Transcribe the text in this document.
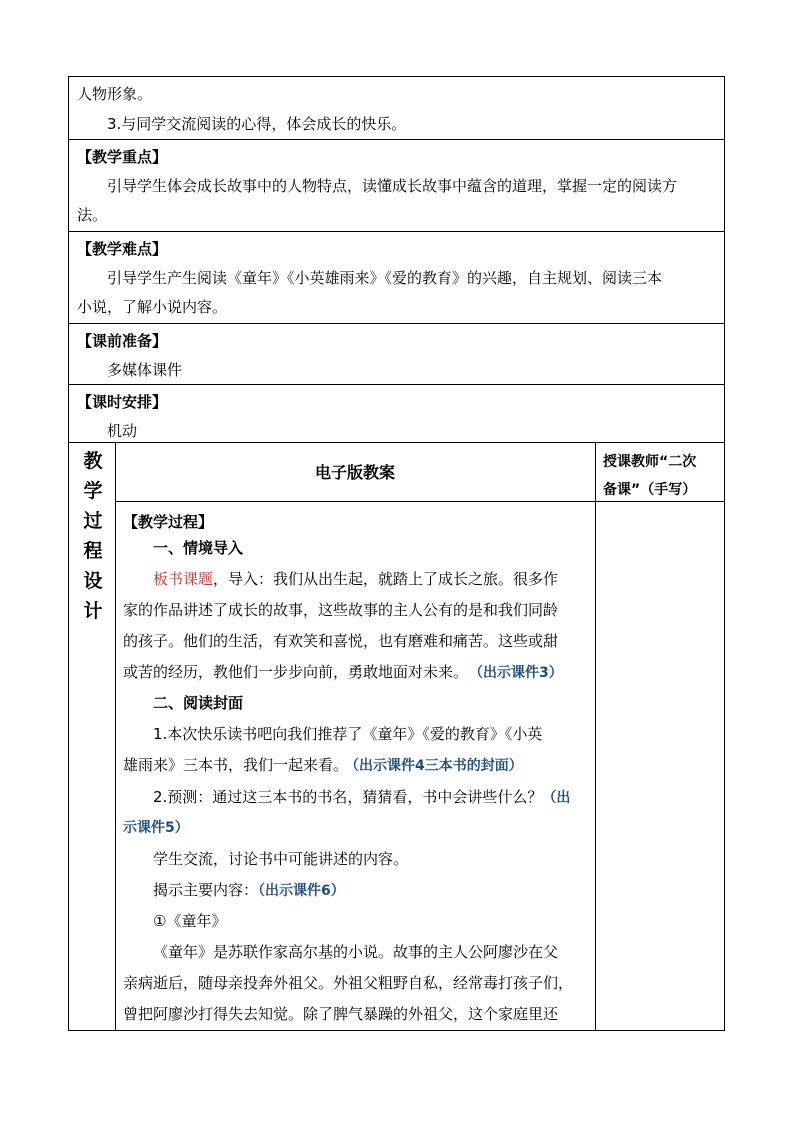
人物形象。
3.与同学交流阅读的心得，体会成长的快乐。
【教学重点】
引导学生体会成长故事中的人物特点，读懂成长故事中蕴含的道理，掌握一定的阅读方
法。
【教学难点】
引导学生产生阅读《童年》《小英雄雨来》《爱的教育》的兴趣，自主规划、阅读三本
小说，了解小说内容。
【课前准备】
多媒体课件
【课时安排】
机动
教
学
过
程
设
计
电子版教案
授课教师“二次
备课”（手写）
【教学过程】
一、情境导入
板书课题，导入：我们从出生起，就踏上了成长之旅。很多作
家的作品讲述了成长的故事，这些故事的主人公有的是和我们同龄
的孩子。他们的生活，有欢笑和喜悦，也有磨难和痛苦。这些或甜
或苦的经历，教他们一步步向前，勇敢地面对未来。 （出示课件3）
二、阅读封面
1.本次快乐读书吧向我们推荐了《童年》《爱的教育》《小英
雄雨来》三本书，我们一起来看。 （出示课件4三本书的封面）
2.预测：通过这三本书的书名，猜猜看，书中会讲些什么？（出
示课件5）
学生交流，讨论书中可能讲述的内容。
揭示主要内容：（出示课件6）
①《童年》
《童年》是苏联作家高尔基的小说。故事的主人公阿廖沙在父
亲病逝后，随母亲投奔外祖父。外祖父粗野自私，经常毒打孩子们，
曾把阿廖沙打得失去知觉。除了脾气暴躁的外祖父，这个家庭里还
